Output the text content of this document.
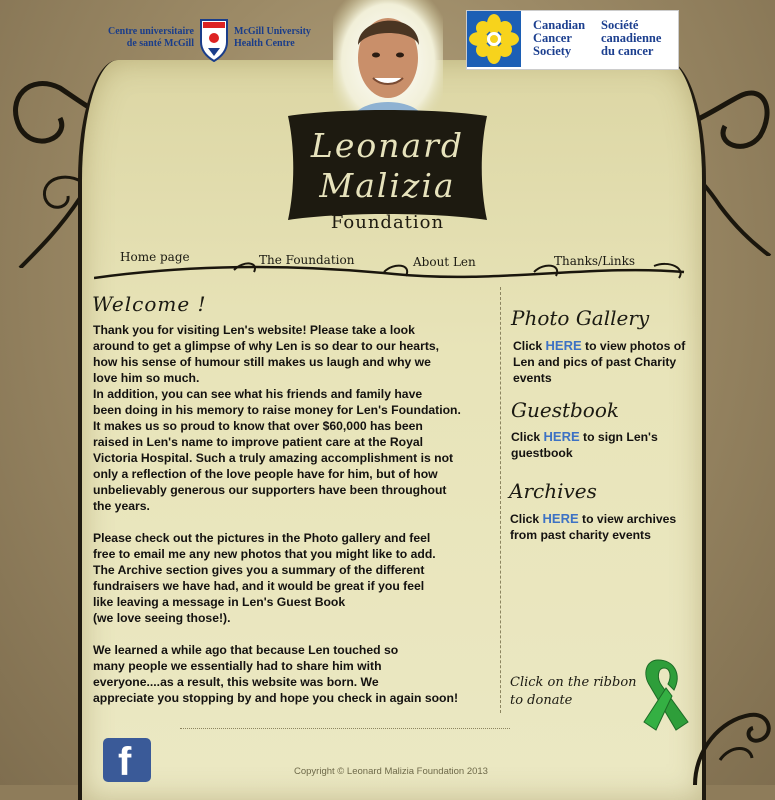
Centre universitaire
de santé McGill
McGill University
Health Centre
Canadian
Cancer
Society
Société
canadienne
du cancer
Leonard
Malizia
Foundation
Home page	The Foundation	About Len	Thanks/Links
Welcome !

Thank you for visiting Len's website! Please take a look

around to get a glimpse of why Len is so dear to our hearts,

how his sense of humour still makes us laugh and why we

love him so much.

In addition, you can see what his friends and family have

been doing in his memory to raise money for Len's Foundation.

It makes us so proud to know that over $60,000 has been

raised in Len's name to improve patient care at the Royal

Victoria Hospital. Such a truly amazing accomplishment is not

only a reflection of the love people have for him, but of how

unbelievably generous our supporters have been throughout

the years.

Please check out the pictures in the Photo gallery and feel

free to email me any new photos that you might like to add.

The Archive section gives you a summary of the different

fundraisers we have had, and it would be great if you feel

like leaving a message in Len's Guest Book

(we love seeing those!).

We learned a while ago that because Len touched so

many people we essentially had to share him with

everyone....as a result, this website was born. We

appreciate you stopping by and hope you check in again soon!

Photo Gallery
Click HERE to view photos of Len and pics of past Charity events
Guestbook
Click HERE to sign Len's guestbook
Archives
Click HERE to view archives from past charity events
Click on the ribbon
to donate
f	Copyright © Leonard Malizia Foundation 2013
